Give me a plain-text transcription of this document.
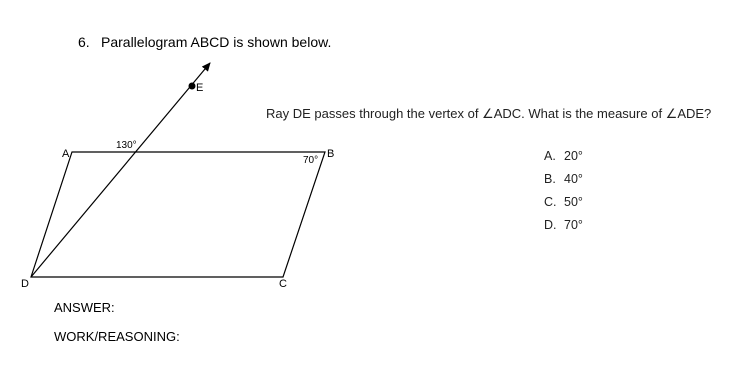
6. Parallelogram ABCD is shown below.
A	B
C
D
E
130°
70°
Ray DE passes through the vertex of ∠ADC. What is the measure of ∠ADE?
A. 20°
B. 40°
C. 50°
D. 70°
ANSWER:
WORK/REASONING:
